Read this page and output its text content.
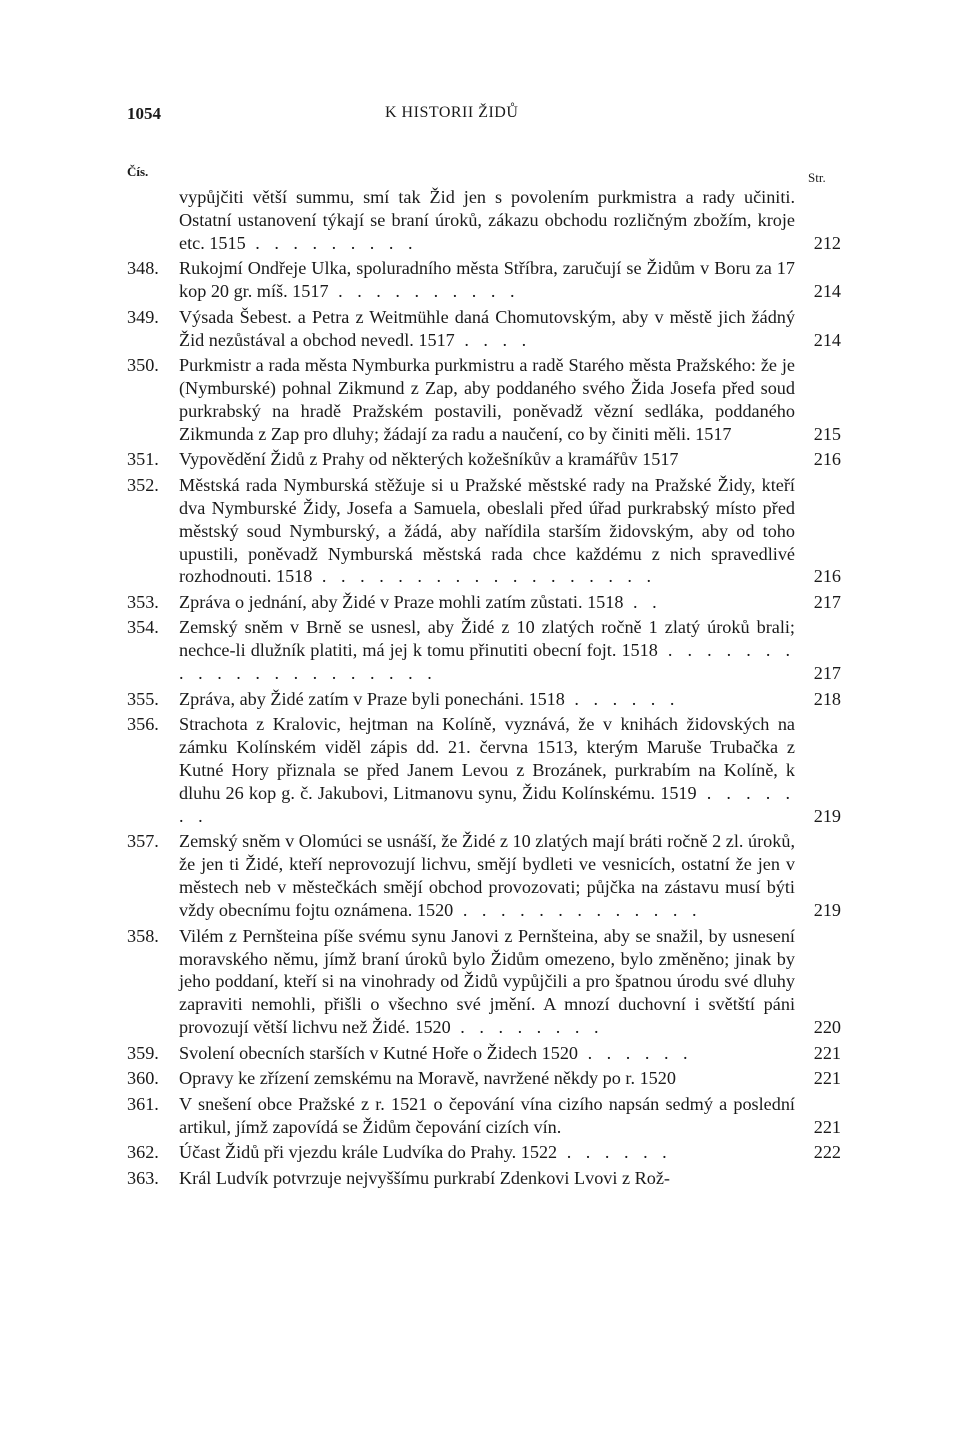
1054	K HISTORII ŽIDŮ
Čís.	Str.
vypůjčiti větší summu, smí tak Žid jen s povolením purkmistra a rady učiniti. Ostatní ustanovení týkají se braní úroků, zákazu obchodu rozličným zbožím, kroje etc. 1515 . . . . . . . . .	212
348. Rukojmí Ondřeje Ulka, spoluradního města Stříbra, zaručují se Židům v Boru za 17 kop 20 gr. míš. 1517 . . . . . . . . . .	214
349. Výsada Šebest. a Petra z Weitmühle daná Chomutovským, aby v městě jich žádný Žid nezůstával a obchod nevedl. 1517 . . . .	214
350. Purkmistr a rada města Nymburka purkmistru a radě Starého města Pražského: že je (Nymburské) pohnal Zikmund z Zap, aby poddaného svého Žida Josefa před soud purkrabský na hradě Pražském postavili, poněvadž vězní sedláka, poddaného Zikmunda z Zap pro dluhy; žádají za radu a naučení, co by činiti měli. 1517	215
351. Vypovědění Židů z Prahy od některých kožešníkův a kramářův 1517	216
352. Městská rada Nymburská stěžuje si u Pražské městské rady na Pražské Židy, kteří dva Nymburské Židy, Josefa a Samuela, obeslali před úřad purkrabský místo před městský soud Nymburský, a žádá, aby nařídila starším židovským, aby od toho upustili, poněvadž Nymburská městská rada chce každému z nich spravedlivé rozhodnouti. 1518 . . . . . . . . . . . . . . . . . .	216
353. Zpráva o jednání, aby Židé v Praze mohli zatím zůstati. 1518 . .	217
354. Zemský sněm v Brně se usnesl, aby Židé z 10 zlatých ročně 1 zlatý úroků brali; nechce-li dlužník platiti, má jej k tomu přinutiti obecní fojt. 1518 . . . . . . . . . . . . . . . . . . . . .	217
355. Zpráva, aby Židé zatím v Praze byli ponecháni. 1518 . . . . . .	218
356. Strachota z Kralovic, hejtman na Kolíně, vyznává, že v knihách židovských na zámku Kolínském viděl zápis dd. 21. června 1513, kterým Maruše Trubačka z Kutné Hory přiznala se před Janem Levou z Brozánek, purkrabím na Kolíně, k dluhu 26 kop g. č. Jakubovi, Litmanovu synu, Židu Kolínskému. 1519 . . . . . . .	219
357. Zemský sněm v Olomúci se usnáší, že Židé z 10 zlatých mají bráti ročně 2 zl. úroků, že jen ti Židé, kteří neprovozují lichvu, smějí bydleti ve vesnicích, ostatní že jen v městech neb v městečkách smějí obchod provozovati; půjčka na zástavu musí býti vždy obecnímu fojtu oznámena. 1520 . . . . . . . . . . . . .	219
358. Vilém z Pernšteina píše svému synu Janovi z Pernšteina, aby se snažil, by usnesení moravského němu, jímž braní úroků bylo Židům omezeno, bylo změněno; jinak by jeho poddaní, kteří si na vinohrady od Židů vypůjčili a pro špatnou úrodu své dluhy zapraviti nemohli, přišli o všechno své jmění. A mnozí duchovní i světští páni provozují větší lichvu než Židé. 1520 . . . . . . . .	220
359. Svolení obecních starších v Kutné Hoře o Židech 1520 . . . . . .	221
360. Opravy ke zřízení zemskému na Moravě, navržené někdy po r. 1520	221
361. V snešení obce Pražské z r. 1521 o čepování vína cizího napsán sedmý a poslední artikul, jímž zapovídá se Židům čepování cizích vín.	221
362. Účast Židů při vjezdu krále Ludvíka do Prahy. 1522 . . . . . .	222
363. Král Ludvík potvrzuje nejvyššímu purkrabí Zdenkovi Lvovi z Rož-
